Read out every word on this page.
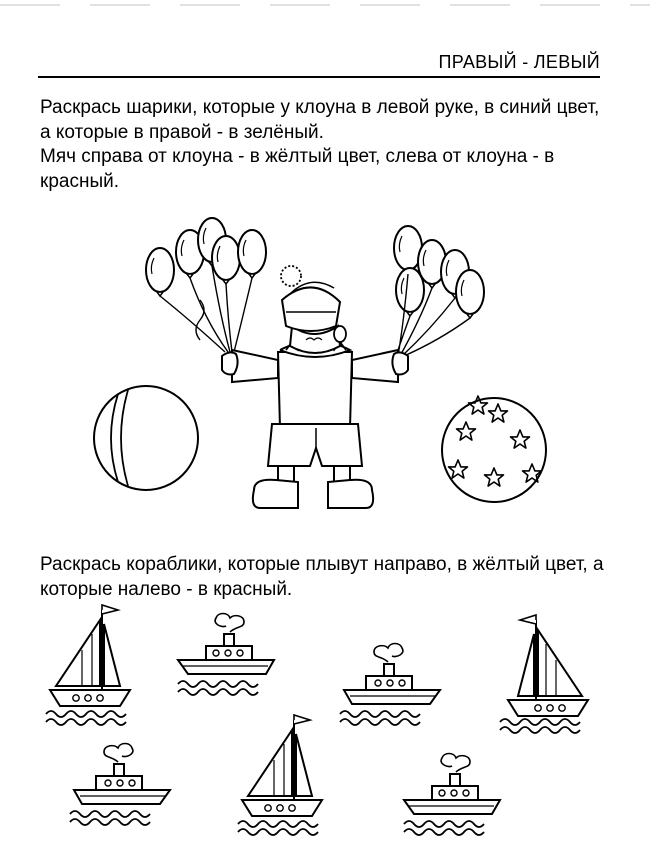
ПРАВЫЙ - ЛЕВЫЙ

Раскрась шарики, которые у клоуна в левой руке, в синий цвет, а которые в правой - в зелёный.

Мяч справа от клоуна - в жёлтый цвет, слева от клоуна - в красный.

Раскрась кораблики, которые плывут направо, в жёлтый цвет, а которые налево - в красный.
